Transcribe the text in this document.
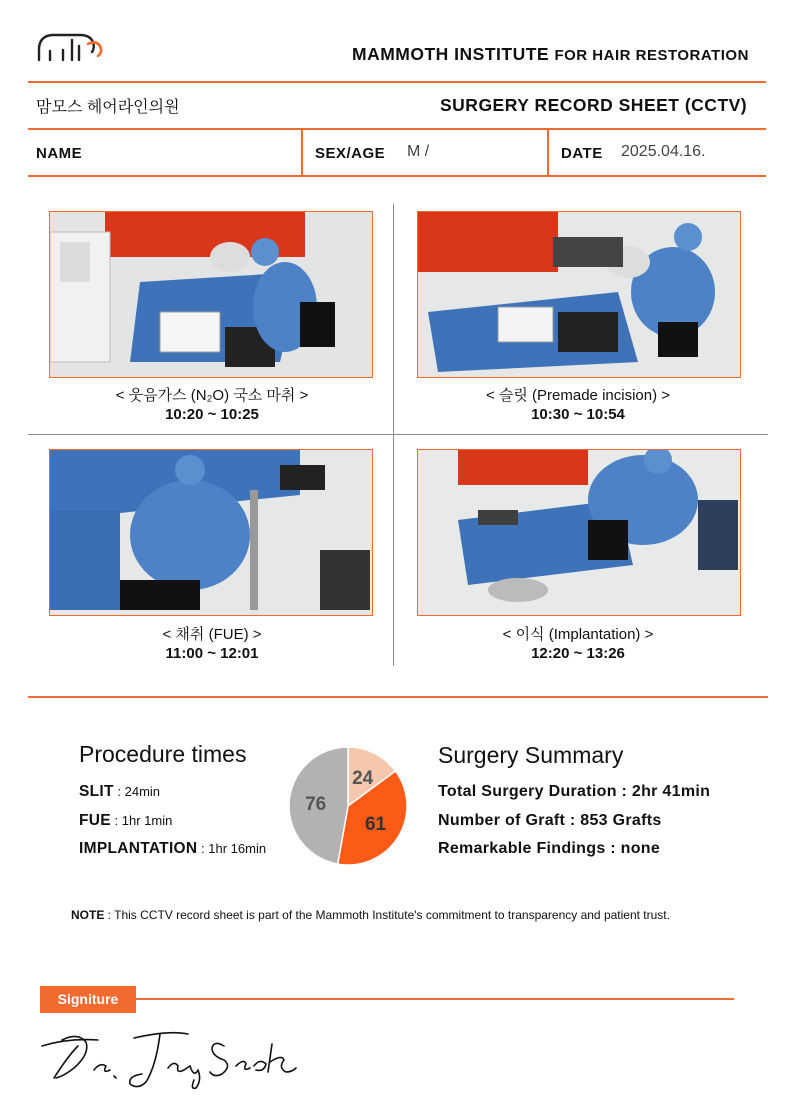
MAMMOTH INSTITUTE FOR HAIR RESTORATION
맘모스 헤어라인의원	SURGERY RECORD SHEET (CCTV)
NAME	SEX/AGE M /	DATE 2025.04.16.
< 웃음가스 (N₂O) 국소 마취 >
10:20 ~ 10:25
< 슬릿 (Premade incision) >
10:30 ~ 10:54
< 채취 (FUE) >
11:00 ~ 12:01
< 이식 (Implantation) >
12:20 ~ 13:26
Procedure times
SLIT : 24min
FUE : 1hr 1min
IMPLANTATION : 1hr 16min
24
61
76
Surgery Summary
Total Surgery Duration : 2hr 41min
Number of Graft : 853 Grafts
Remarkable Findings : none
NOTE : This CCTV record sheet is part of the Mammoth Institute's commitment to transparency and patient trust.
Signiture
